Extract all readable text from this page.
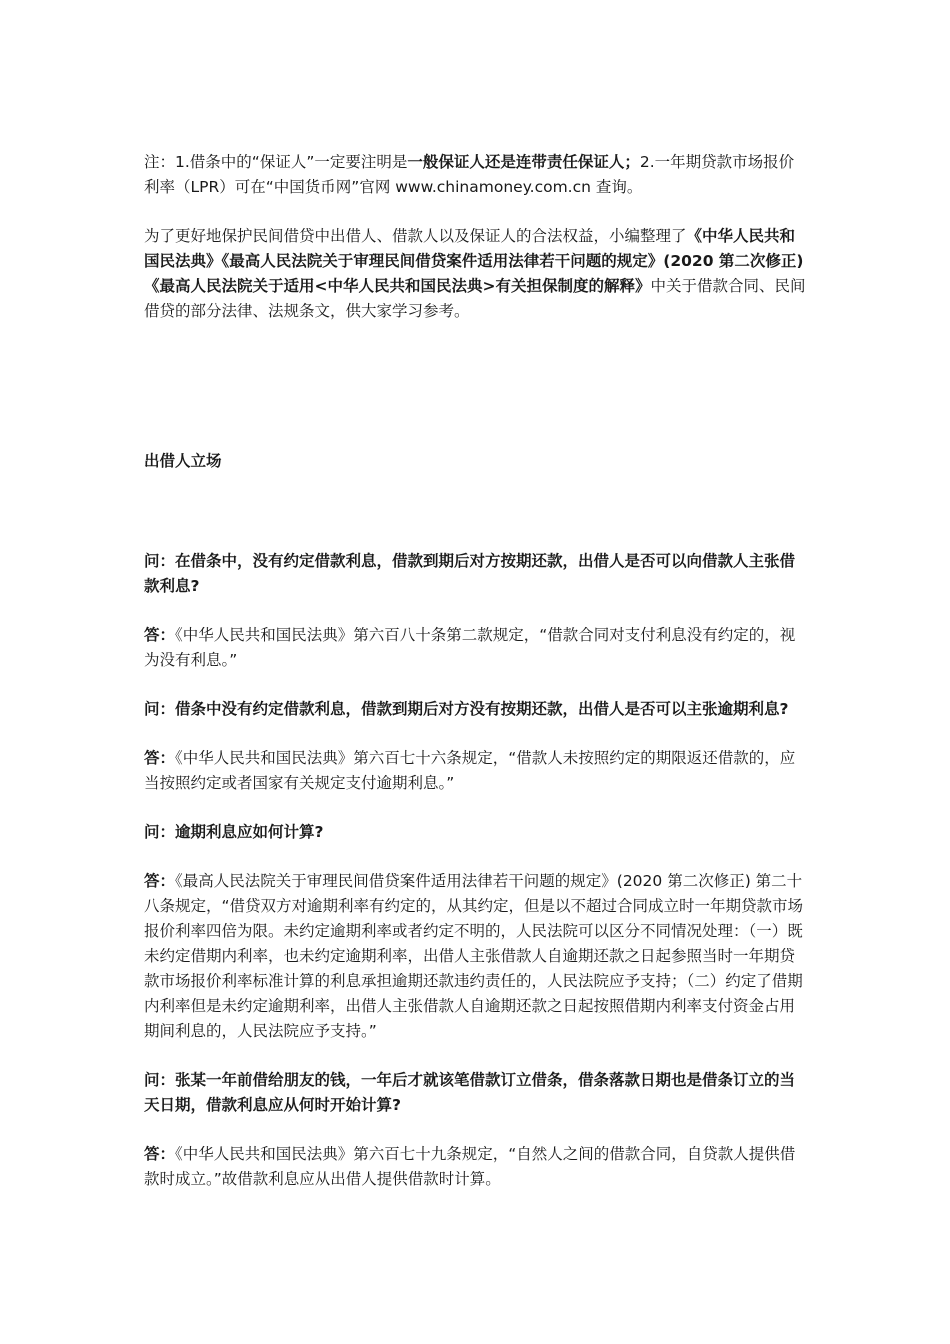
注：1.借条中的“保证人”一定要注明是一般保证人还是连带责任保证人；2.一年期贷款市场报价利率（LPR）可在“中国货币网”官网 www.chinamoney.com.cn 查询。

为了更好地保护民间借贷中出借人、借款人以及保证人的合法权益，小编整理了《中华人民共和国民法典》《最高人民法院关于审理民间借贷案件适用法律若干问题的规定》(2020 第二次修正)《最高人民法院关于适用<中华人民共和国民法典>有关担保制度的解释》中关于借款合同、民间借贷的部分法律、法规条文，供大家学习参考。

出借人立场

问：在借条中，没有约定借款利息，借款到期后对方按期还款，出借人是否可以向借款人主张借款利息?

答：《中华人民共和国民法典》第六百八十条第二款规定，“借款合同对支付利息没有约定的，视为没有利息。”

问：借条中没有约定借款利息，借款到期后对方没有按期还款，出借人是否可以主张逾期利息?

答：《中华人民共和国民法典》第六百七十六条规定，“借款人未按照约定的期限返还借款的，应当按照约定或者国家有关规定支付逾期利息。”

问：逾期利息应如何计算?

答：《最高人民法院关于审理民间借贷案件适用法律若干问题的规定》(2020 第二次修正) 第二十八条规定，“借贷双方对逾期利率有约定的，从其约定，但是以不超过合同成立时一年期贷款市场报价利率四倍为限。未约定逾期利率或者约定不明的，人民法院可以区分不同情况处理：（一）既未约定借期内利率，也未约定逾期利率，出借人主张借款人自逾期还款之日起参照当时一年期贷款市场报价利率标准计算的利息承担逾期还款违约责任的，人民法院应予支持；（二）约定了借期内利率但是未约定逾期利率，出借人主张借款人自逾期还款之日起按照借期内利率支付资金占用期间利息的，人民法院应予支持。”

问：张某一年前借给朋友的钱，一年后才就该笔借款订立借条，借条落款日期也是借条订立的当天日期，借款利息应从何时开始计算?

答：《中华人民共和国民法典》第六百七十九条规定，“自然人之间的借款合同，自贷款人提供借款时成立。”故借款利息应从出借人提供借款时计算。
